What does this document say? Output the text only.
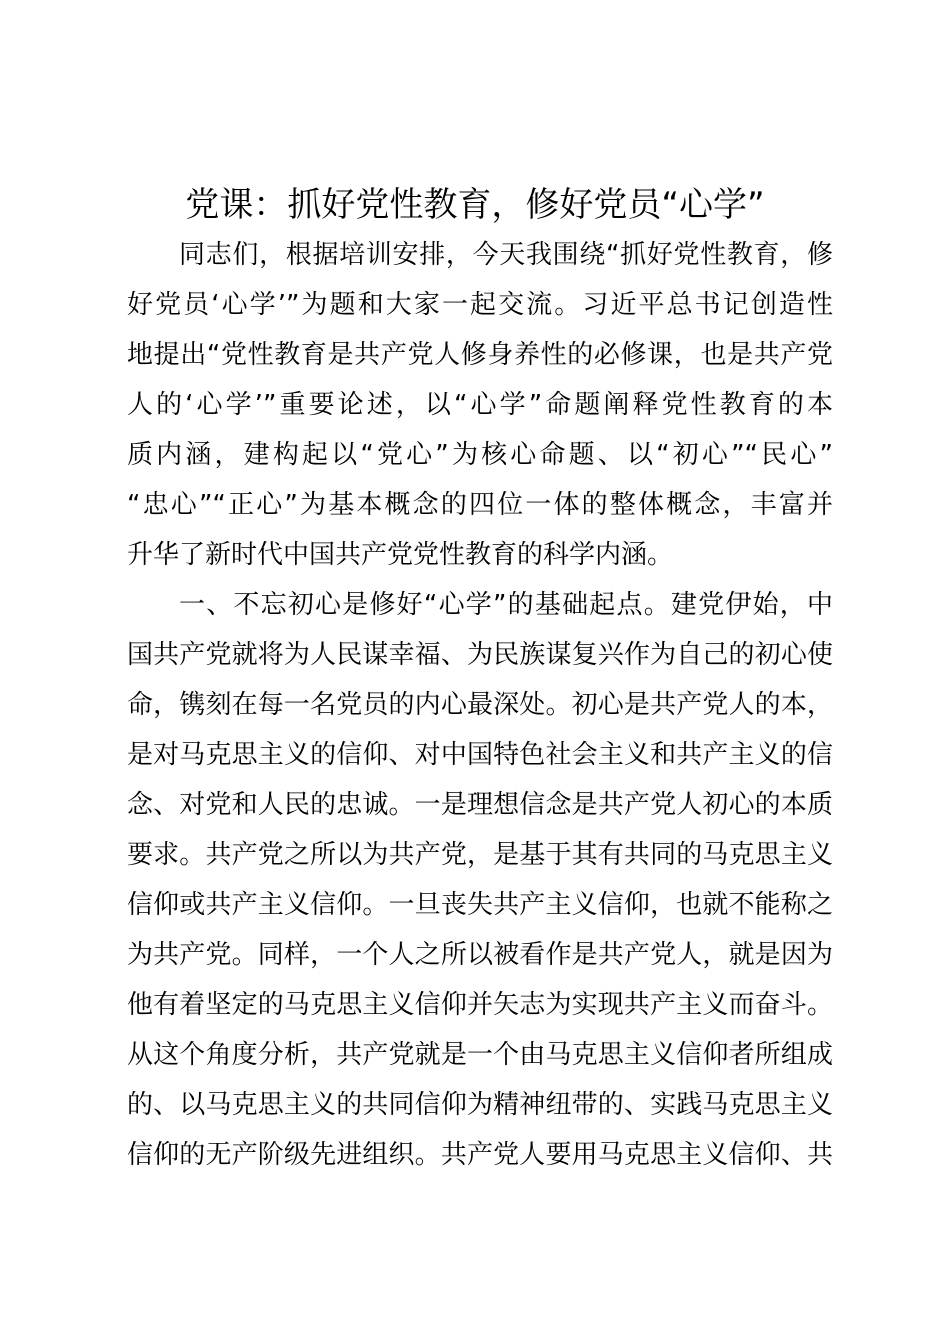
党课：抓好党性教育，修好党员“心学”
同志们，根据培训安排，今天我围绕“抓好党性教育，修
好党员‘心学’”为题和大家一起交流。习近平总书记创造性
地提出“党性教育是共产党人修身养性的必修课，也是共产党
人的‘心学’”重要论述，以“心学”命题阐释党性教育的本
质内涵，建构起以“党心”为核心命题、以“初心”“民心”
“忠心”“正心”为基本概念的四位一体的整体概念，丰富并
升华了新时代中国共产党党性教育的科学内涵。
一、不忘初心是修好“心学”的基础起点。建党伊始，中
国共产党就将为人民谋幸福、为民族谋复兴作为自己的初心使
命，镌刻在每一名党员的内心最深处。初心是共产党人的本，
是对马克思主义的信仰、对中国特色社会主义和共产主义的信
念、对党和人民的忠诚。一是理想信念是共产党人初心的本质
要求。共产党之所以为共产党，是基于其有共同的马克思主义
信仰或共产主义信仰。一旦丧失共产主义信仰，也就不能称之
为共产党。同样，一个人之所以被看作是共产党人，就是因为
他有着坚定的马克思主义信仰并矢志为实现共产主义而奋斗。
从这个角度分析，共产党就是一个由马克思主义信仰者所组成
的、以马克思主义的共同信仰为精神纽带的、实践马克思主义
信仰的无产阶级先进组织。共产党人要用马克思主义信仰、共
